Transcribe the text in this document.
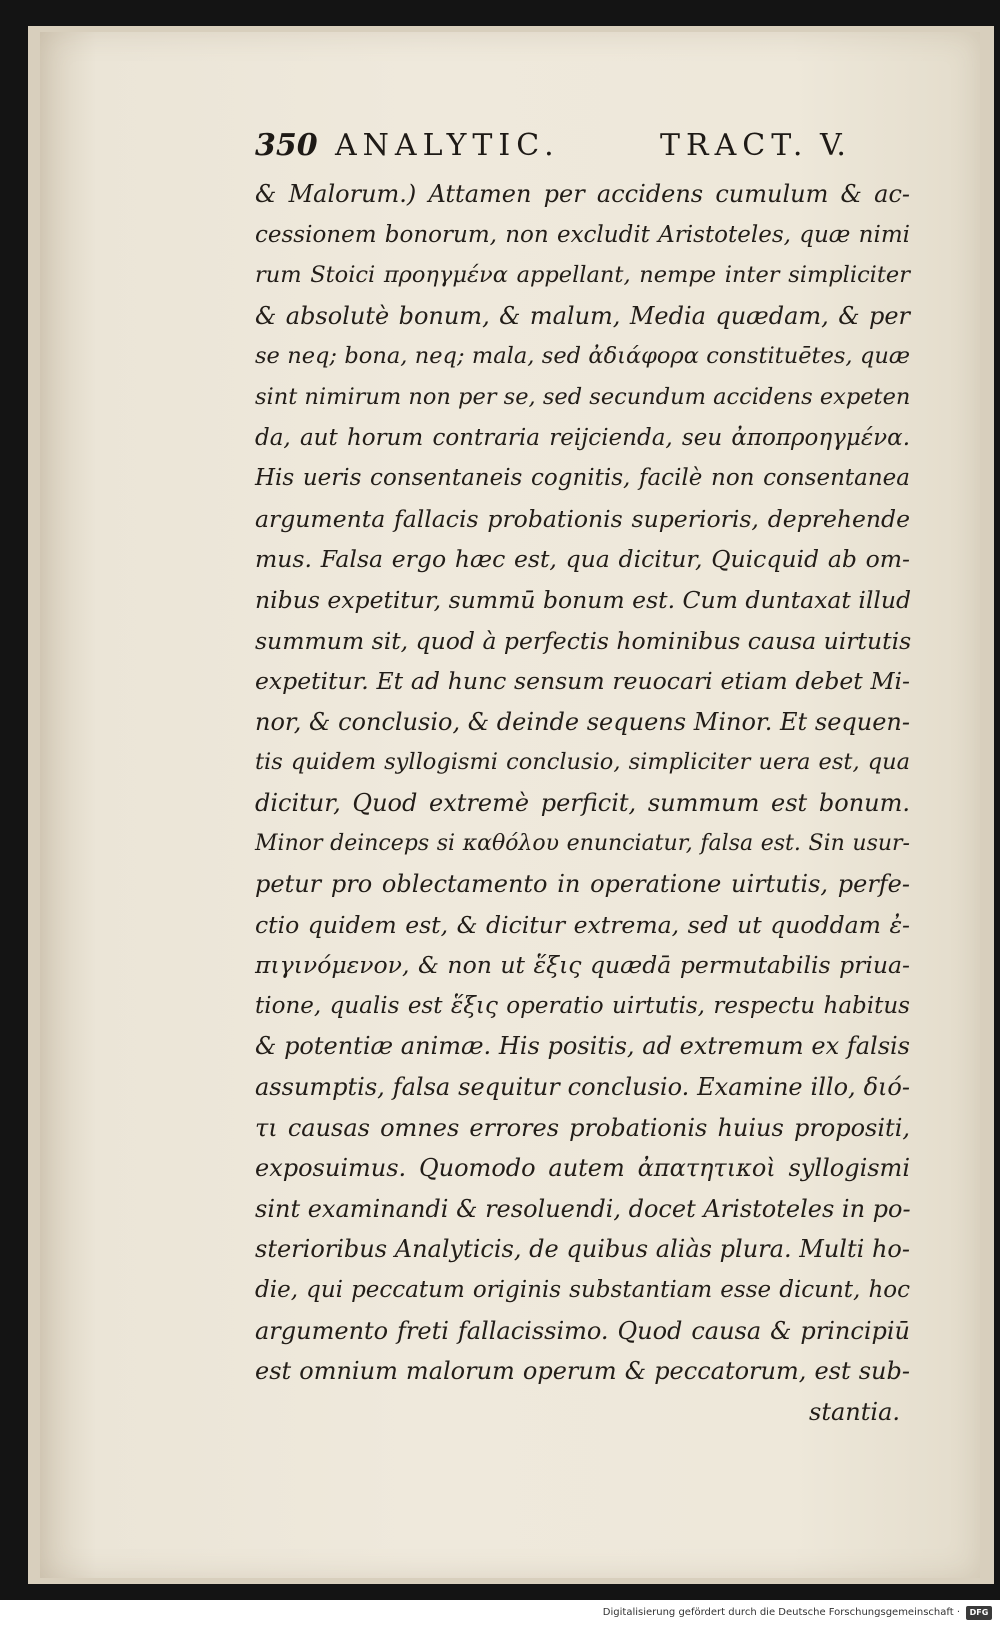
350 ANALYTIC.	TRACT. V.
& Malorum.) Attamen per accidens cumulum & ac-
cessionem bonorum, non excludit Aristoteles, quæ nimi
rum Stoici προηγμένα appellant, nempe inter simpliciter
& absolutè bonum, & malum, Media quædam, & per
se neq; bona, neq; mala, sed ἀδιάφορα constituētes, quæ
sint nimirum non per se, sed secundum accidens expeten
da, aut horum contraria reijcienda, seu ἀποπροηγμένα.
His ueris consentaneis cognitis, facilè non consentanea
argumenta fallacis probationis superioris, deprehende
mus. Falsa ergo hæc est, qua dicitur, Quicquid ab om-
nibus expetitur, summū bonum est. Cum duntaxat illud
summum sit, quod à perfectis hominibus causa uirtutis
expetitur. Et ad hunc sensum reuocari etiam debet Mi-
nor, & conclusio, & deinde sequens Minor. Et sequen-
tis quidem syllogismi conclusio, simpliciter uera est, qua
dicitur, Quod extremè perficit, summum est bonum.
Minor deinceps si καθόλου enunciatur, falsa est. Sin usur-
petur pro oblectamento in operatione uirtutis, perfe-
ctio quidem est, & dicitur extrema, sed ut quoddam ἐ-
πιγινόμενον, & non ut ἕξις quædā permutabilis priua-
tione, qualis est ἕξις operatio uirtutis, respectu habitus
& potentiæ animæ. His positis, ad extremum ex falsis
assumptis, falsa sequitur conclusio. Examine illo, διό-
τι causas omnes errores probationis huius propositi,
exposuimus. Quomodo autem ἀπατητικοὶ syllogismi
sint examinandi & resoluendi, docet Aristoteles in po-
sterioribus Analyticis, de quibus aliàs plura. Multi ho-
die, qui peccatum originis substantiam esse dicunt, hoc
argumento freti fallacissimo. Quod causa & principiū
est omnium malorum operum & peccatorum, est sub-
stantia.
Digitalisierung gefördert durch die Deutsche Forschungsgemeinschaft ·	DFG
